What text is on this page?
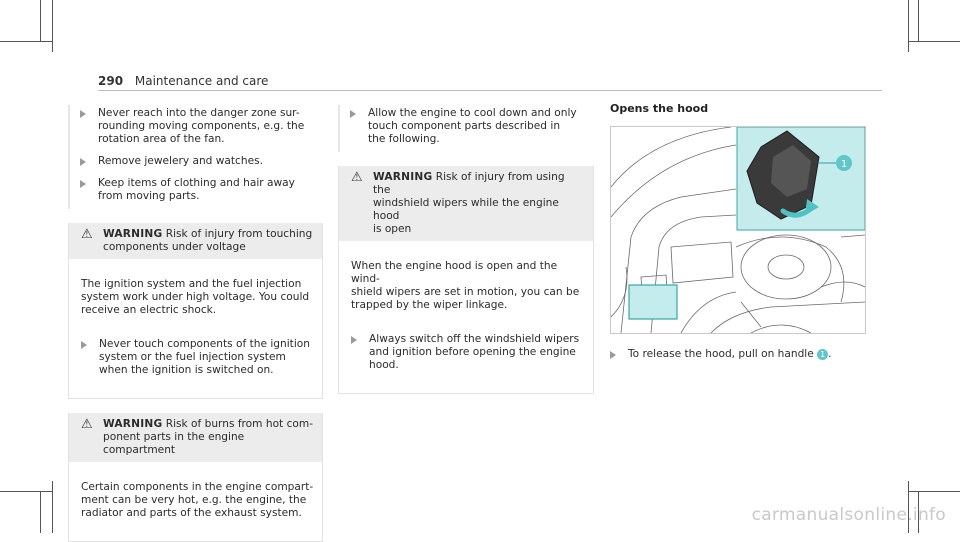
290 Maintenance and care
Never reach into the danger zone sur-
rounding moving components, e.g. the
rotation area of the fan.
Remove jewelery and watches.
Keep items of clothing and hair away
from moving parts.
⚠ WARNING Risk of injury from touching
components under voltage

The ignition system and the fuel injection
system work under high voltage. You could
receive an electric shock.

Never touch components of the ignition
system or the fuel injection system
when the ignition is switched on.

⚠ WARNING Risk of burns from hot com-
ponent parts in the engine compartment

Certain components in the engine compart-
ment can be very hot, e.g. the engine, the
radiator and parts of the exhaust system.

Allow the engine to cool down and only
touch component parts described in
the following.
⚠ WARNING Risk of injury from using the
windshield wipers while the engine hood
is open

When the engine hood is open and the wind-
shield wipers are set in motion, you can be
trapped by the wiper linkage.

Always switch off the windshield wipers
and ignition before opening the engine
hood.

Opens the hood
1
To release the hood, pull on handle 1 .
carmanualsonline.info
